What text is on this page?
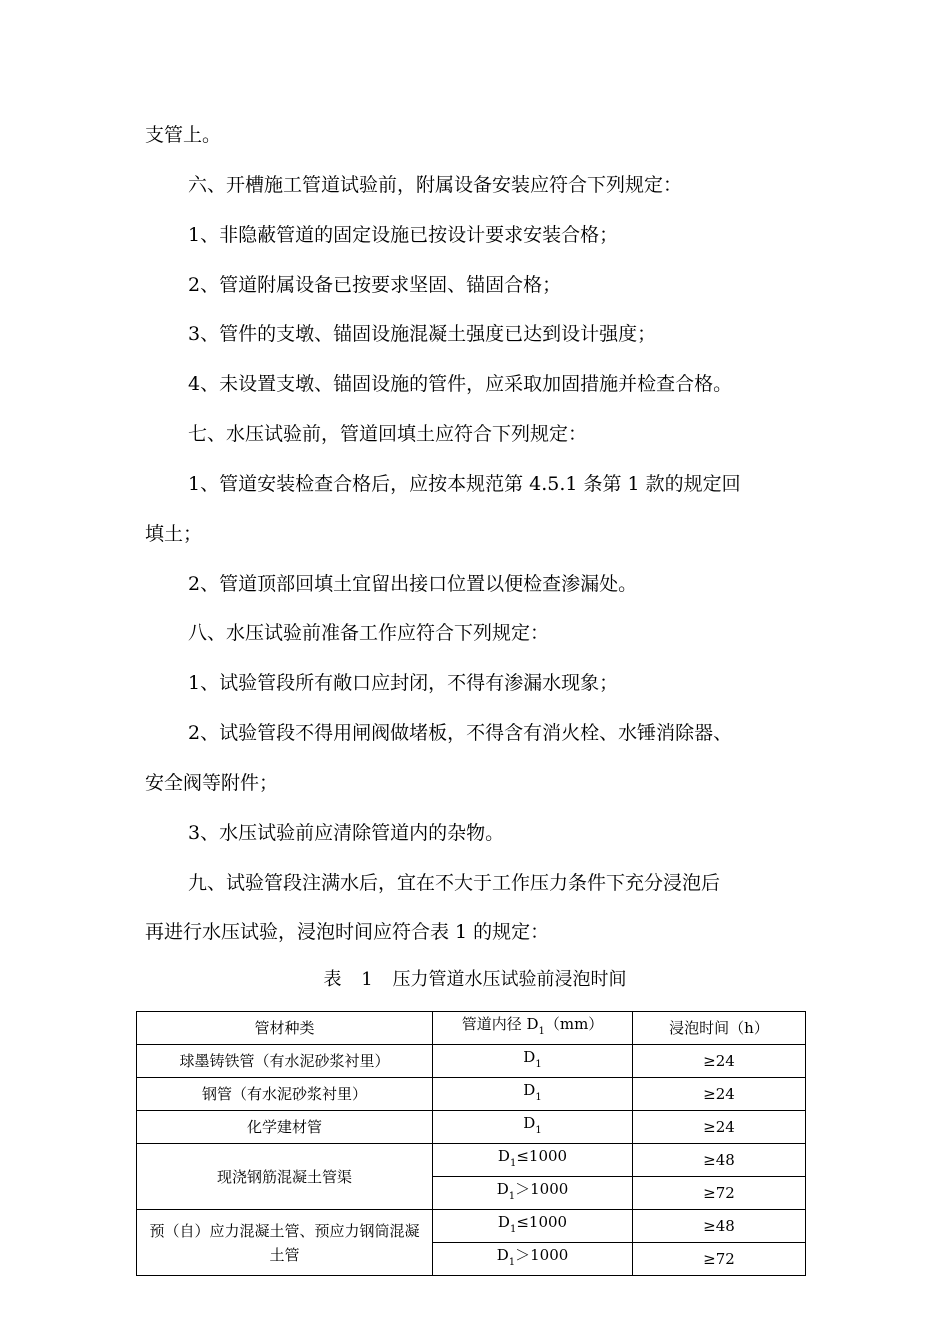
支管上。
六、开槽施工管道试验前，附属设备安装应符合下列规定：
1、非隐蔽管道的固定设施已按设计要求安装合格；
2、管道附属设备已按要求坚固、锚固合格；
3、管件的支墩、锚固设施混凝土强度已达到设计强度；
4、未设置支墩、锚固设施的管件，应采取加固措施并检查合格。
七、水压试验前，管道回填土应符合下列规定：
1、管道安装检查合格后，应按本规范第 4.5.1 条第 1 款的规定回
填土；
2、管道顶部回填土宜留出接口位置以便检查渗漏处。
八、水压试验前准备工作应符合下列规定：
1、试验管段所有敞口应封闭，不得有渗漏水现象；
2、试验管段不得用闸阀做堵板，不得含有消火栓、水锤消除器、
安全阀等附件；
3、水压试验前应清除管道内的杂物。
九、试验管段注满水后，宜在不大于工作压力条件下充分浸泡后
再进行水压试验，浸泡时间应符合表 1 的规定：
表 1 压力管道水压试验前浸泡时间
管材种类	管道内径 $D_1(mm)$	浸泡时间（h）
球墨铸铁管（有水泥砂浆衬里）	$D_1$	≥24
钢管（有水泥砂浆衬里）	$D_1$	≥24
化学建材管	$D_1$	≥24
现浇钢筋混凝土管渠	$D_1\le 1000$	≥48
	$D_1>1000$	≥72
预（自）应力混凝土管、预应力钢筒混凝土管	$D_1\le 1000$	≥48
	$D_1>1000$	≥72
